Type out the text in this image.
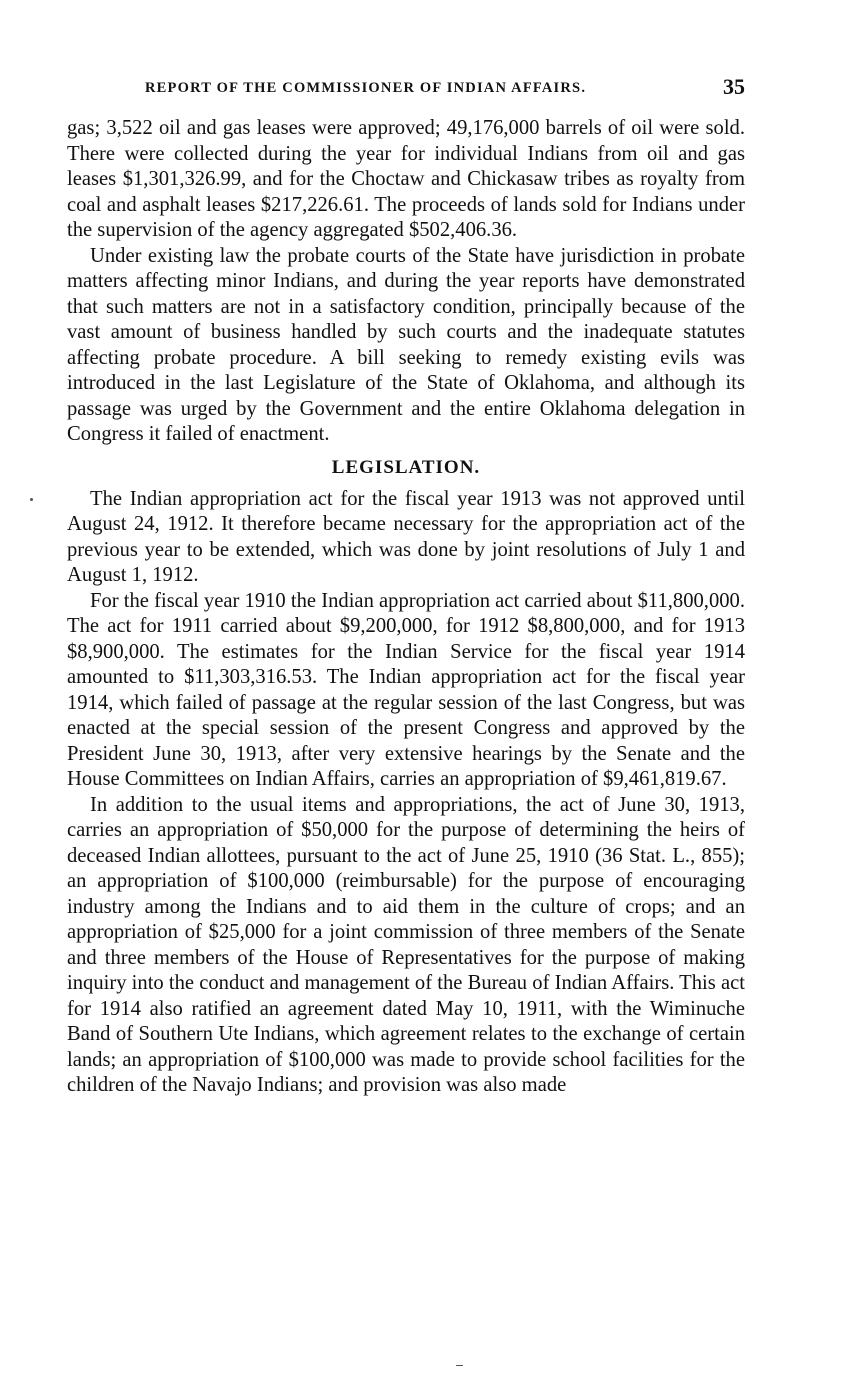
REPORT OF THE COMMISSIONER OF INDIAN AFFAIRS.	35

gas; 3,522 oil and gas leases were approved; 49,176,000 barrels of oil were sold. There were collected during the year for individual Indians from oil and gas leases $1,301,326.99, and for the Choctaw and Chickasaw tribes as royalty from coal and asphalt leases $217,226.61. The proceeds of lands sold for Indians under the supervision of the agency aggregated $502,406.36.

Under existing law the probate courts of the State have jurisdiction in probate matters affecting minor Indians, and during the year reports have demonstrated that such matters are not in a satisfactory condition, principally because of the vast amount of business handled by such courts and the inadequate statutes affecting probate procedure. A bill seeking to remedy existing evils was introduced in the last Legislature of the State of Oklahoma, and although its passage was urged by the Government and the entire Oklahoma delegation in Congress it failed of enactment.

LEGISLATION.

The Indian appropriation act for the fiscal year 1913 was not approved until August 24, 1912. It therefore became necessary for the appropriation act of the previous year to be extended, which was done by joint resolutions of July 1 and August 1, 1912.

For the fiscal year 1910 the Indian appropriation act carried about $11,800,000. The act for 1911 carried about $9,200,000, for 1912 $8,800,000, and for 1913 $8,900,000. The estimates for the Indian Service for the fiscal year 1914 amounted to $11,303,316.53. The Indian appropriation act for the fiscal year 1914, which failed of passage at the regular session of the last Congress, but was enacted at the special session of the present Congress and approved by the President June 30, 1913, after very extensive hearings by the Senate and the House Committees on Indian Affairs, carries an appropriation of $9,461,819.67.

In addition to the usual items and appropriations, the act of June 30, 1913, carries an appropriation of $50,000 for the purpose of determining the heirs of deceased Indian allottees, pursuant to the act of June 25, 1910 (36 Stat. L., 855); an appropriation of $100,000 (reimbursable) for the purpose of encouraging industry among the Indians and to aid them in the culture of crops; and an appropriation of $25,000 for a joint commission of three members of the Senate and three members of the House of Representatives for the purpose of making inquiry into the conduct and management of the Bureau of Indian Affairs. This act for 1914 also ratified an agreement dated May 10, 1911, with the Wiminuche Band of Southern Ute Indians, which agreement relates to the exchange of certain lands; an appropriation of $100,000 was made to provide school facilities for the children of the Navajo Indians; and provision was also made
